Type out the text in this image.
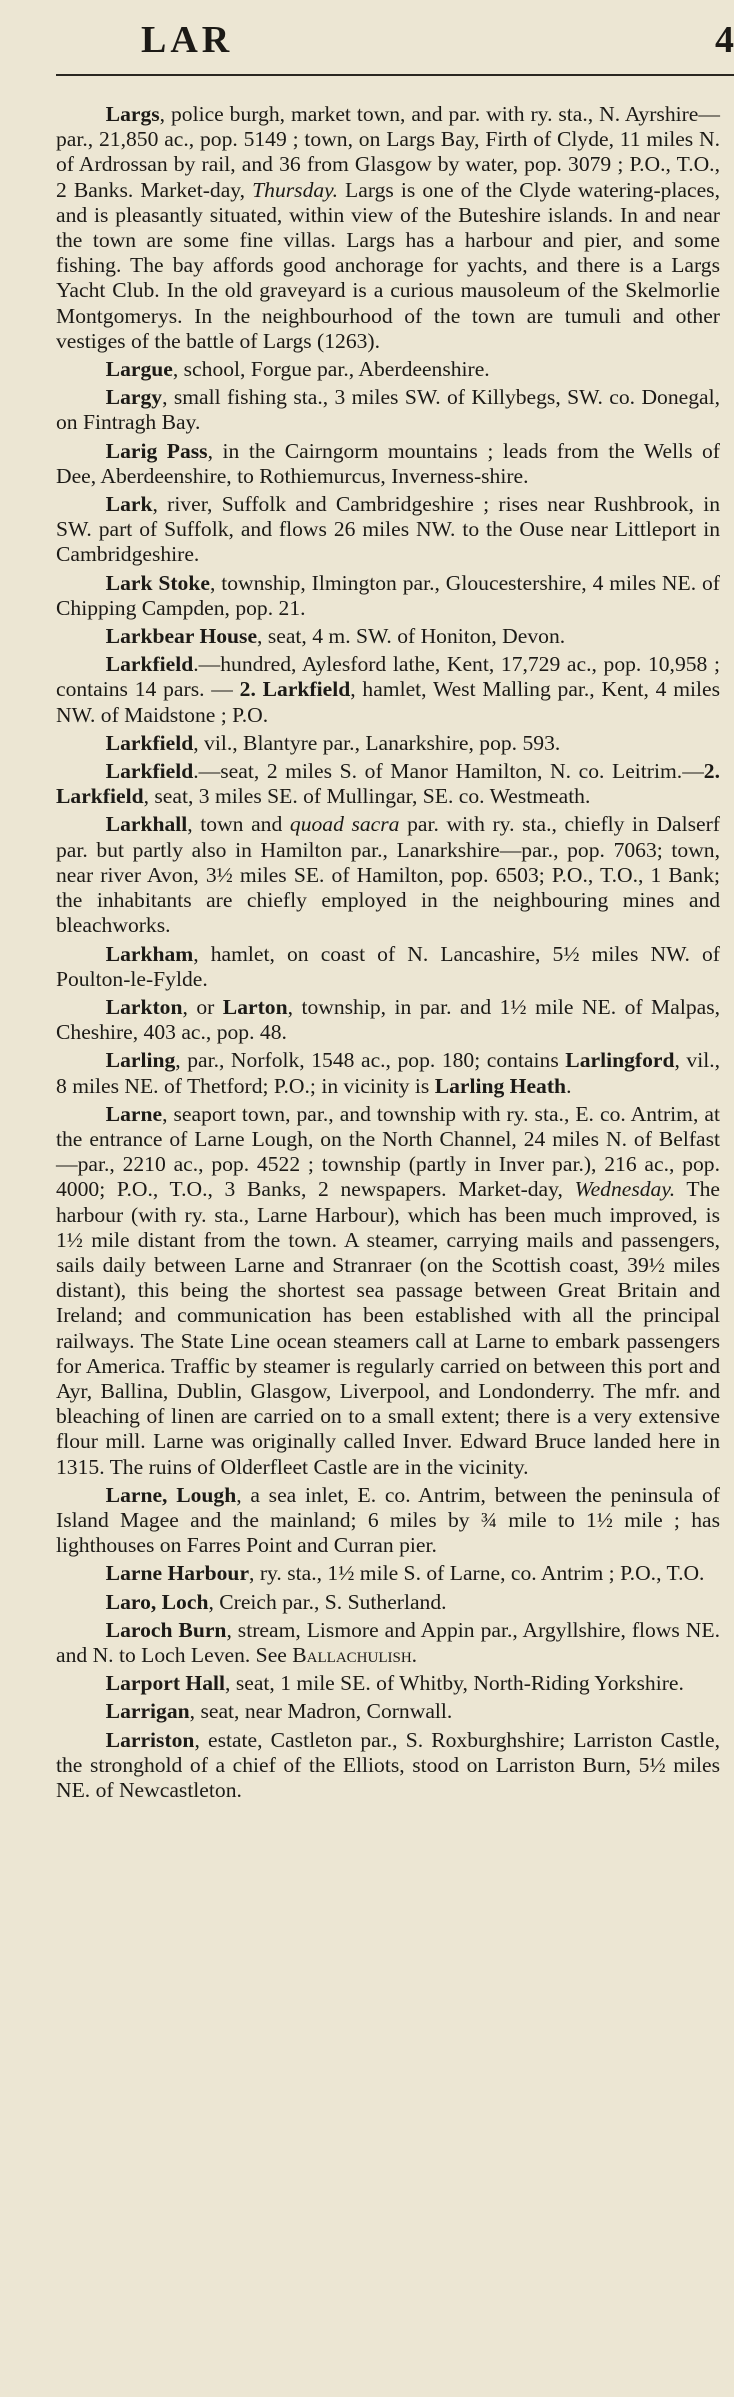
LAR	4

Largs, police burgh, market town, and par. with ry. sta., N. Ayrshire—par., 21,850 ac., pop. 5149 ; town, on Largs Bay, Firth of Clyde, 11 miles N. of Ardrossan by rail, and 36 from Glasgow by water, pop. 3079 ; P.O., T.O., 2 Banks. Market-day, Thursday. Largs is one of the Clyde watering-places, and is pleasantly situated, within view of the Buteshire islands. In and near the town are some fine villas. Largs has a harbour and pier, and some fishing. The bay affords good anchorage for yachts, and there is a Largs Yacht Club. In the old graveyard is a curious mausoleum of the Skelmorlie Montgomerys. In the neighbourhood of the town are tumuli and other vestiges of the battle of Largs (1263).

Largue, school, Forgue par., Aberdeenshire.

Largy, small fishing sta., 3 miles SW. of Killybegs, SW. co. Donegal, on Fintragh Bay.

Larig Pass, in the Cairngorm mountains ; leads from the Wells of Dee, Aberdeenshire, to Rothiemurcus, Inverness-shire.

Lark, river, Suffolk and Cambridgeshire ; rises near Rushbrook, in SW. part of Suffolk, and flows 26 miles NW. to the Ouse near Littleport in Cambridgeshire.

Lark Stoke, township, Ilmington par., Gloucestershire, 4 miles NE. of Chipping Campden, pop. 21.

Larkbear House, seat, 4 m. SW. of Honiton, Devon.

Larkfield.—hundred, Aylesford lathe, Kent, 17,729 ac., pop. 10,958 ; contains 14 pars. — 2. Larkfield, hamlet, West Malling par., Kent, 4 miles NW. of Maidstone ; P.O.

Larkfield, vil., Blantyre par., Lanarkshire, pop. 593.

Larkfield.—seat, 2 miles S. of Manor Hamilton, N. co. Leitrim.—2. Larkfield, seat, 3 miles SE. of Mullingar, SE. co. Westmeath.

Larkhall, town and quoad sacra par. with ry. sta., chiefly in Dalserf par. but partly also in Hamilton par., Lanarkshire—par., pop. 7063; town, near river Avon, 3½ miles SE. of Hamilton, pop. 6503; P.O., T.O., 1 Bank; the inhabitants are chiefly employed in the neighbouring mines and bleachworks.

Larkham, hamlet, on coast of N. Lancashire, 5½ miles NW. of Poulton-le-Fylde.

Larkton, or Larton, township, in par. and 1½ mile NE. of Malpas, Cheshire, 403 ac., pop. 48.

Larling, par., Norfolk, 1548 ac., pop. 180; contains Larlingford, vil., 8 miles NE. of Thetford; P.O.; in vicinity is Larling Heath.

Larne, seaport town, par., and township with ry. sta., E. co. Antrim, at the entrance of Larne Lough, on the North Channel, 24 miles N. of Belfast—par., 2210 ac., pop. 4522 ; township (partly in Inver par.), 216 ac., pop. 4000; P.O., T.O., 3 Banks, 2 newspapers. Market-day, Wednesday. The harbour (with ry. sta., Larne Harbour), which has been much improved, is 1½ mile distant from the town. A steamer, carrying mails and passengers, sails daily between Larne and Stranraer (on the Scottish coast, 39½ miles distant), this being the shortest sea passage between Great Britain and Ireland; and communication has been established with all the principal railways. The State Line ocean steamers call at Larne to embark passengers for America. Traffic by steamer is regularly carried on between this port and Ayr, Ballina, Dublin, Glasgow, Liverpool, and Londonderry. The mfr. and bleaching of linen are carried on to a small extent; there is a very extensive flour mill. Larne was originally called Inver. Edward Bruce landed here in 1315. The ruins of Olderfleet Castle are in the vicinity.

Larne, Lough, a sea inlet, E. co. Antrim, between the peninsula of Island Magee and the mainland; 6 miles by ¾ mile to 1½ mile ; has lighthouses on Farres Point and Curran pier.

Larne Harbour, ry. sta., 1½ mile S. of Larne, co. Antrim ; P.O., T.O.

Laro, Loch, Creich par., S. Sutherland.

Laroch Burn, stream, Lismore and Appin par., Argyllshire, flows NE. and N. to Loch Leven. See Ballachulish.

Larport Hall, seat, 1 mile SE. of Whitby, North-Riding Yorkshire.

Larrigan, seat, near Madron, Cornwall.

Larriston, estate, Castleton par., S. Roxburghshire; Larriston Castle, the stronghold of a chief of the Elliots, stood on Larriston Burn, 5½ miles NE. of Newcastleton.
